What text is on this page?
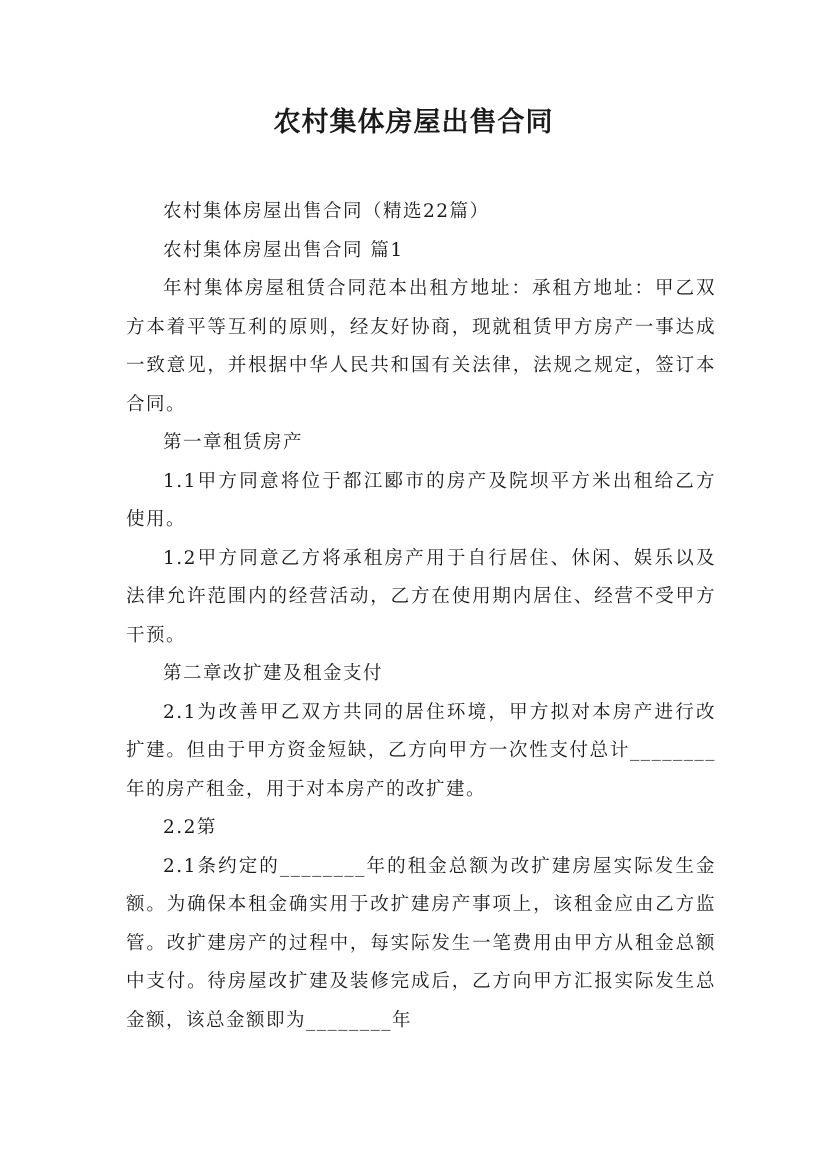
农村集体房屋出售合同

农村集体房屋出售合同（精选22篇）

农村集体房屋出售合同 篇1

年村集体房屋租赁合同范本出租方地址：承租方地址：甲乙双方本着平等互利的原则，经友好协商，现就租赁甲方房产一事达成一致意见，并根据中华人民共和国有关法律，法规之规定，签订本合同。

第一章租赁房产

1.1甲方同意将位于都江郾市的房产及院坝平方米出租给乙方使用。

1.2甲方同意乙方将承租房产用于自行居住、休闲、娱乐以及法律允许范围内的经营活动，乙方在使用期内居住、经营不受甲方干预。

第二章改扩建及租金支付

2.1为改善甲乙双方共同的居住环境，甲方拟对本房产进行改扩建。但由于甲方资金短缺，乙方向甲方一次性支付总计________年的房产租金，用于对本房产的改扩建。

2.2第

2.1条约定的________年的租金总额为改扩建房屋实际发生金额。为确保本租金确实用于改扩建房产事项上，该租金应由乙方监管。改扩建房产的过程中，每实际发生一笔费用由甲方从租金总额中支付。待房屋改扩建及装修完成后，乙方向甲方汇报实际发生总金额，该总金额即为________年
